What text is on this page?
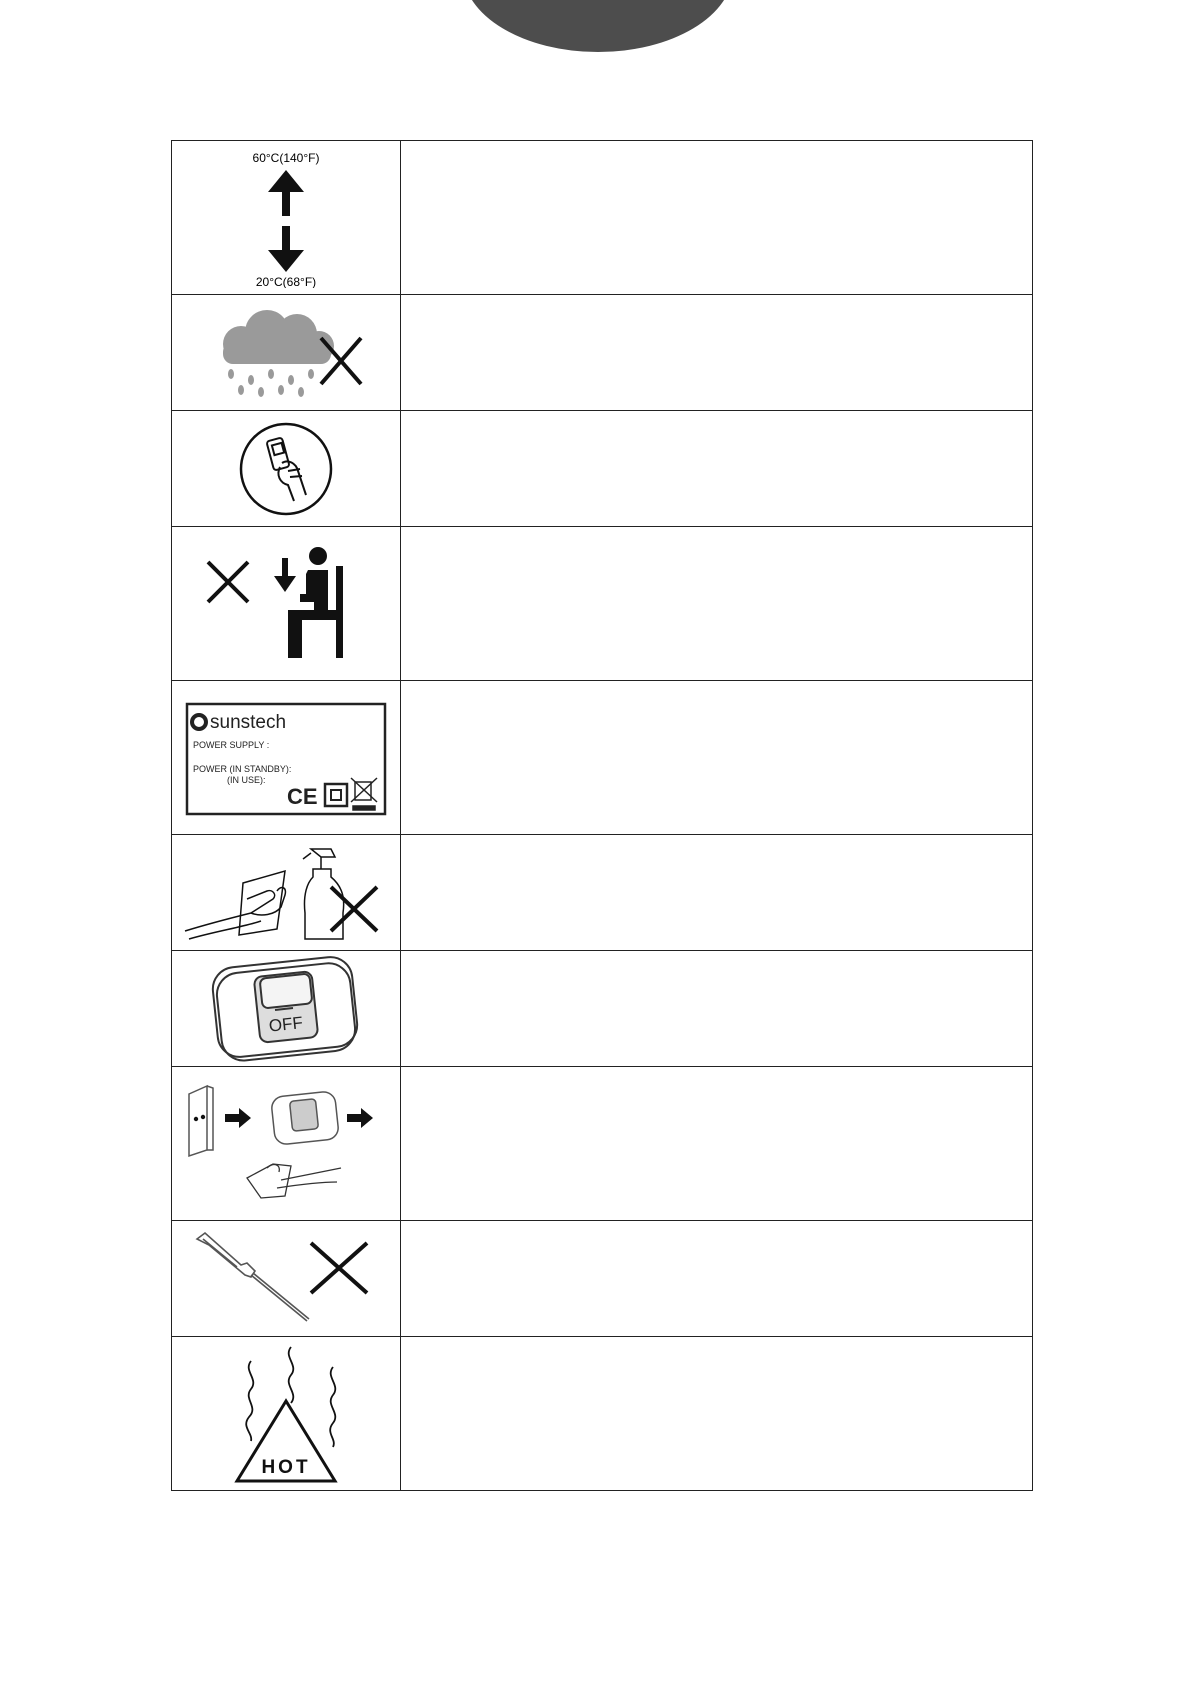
60°C(140°F)
20°C(68°F)	

sunstech
POWER SUPPLY :
POWER (IN STANDBY):
(IN USE):
CE	

OFF	

HOT	
